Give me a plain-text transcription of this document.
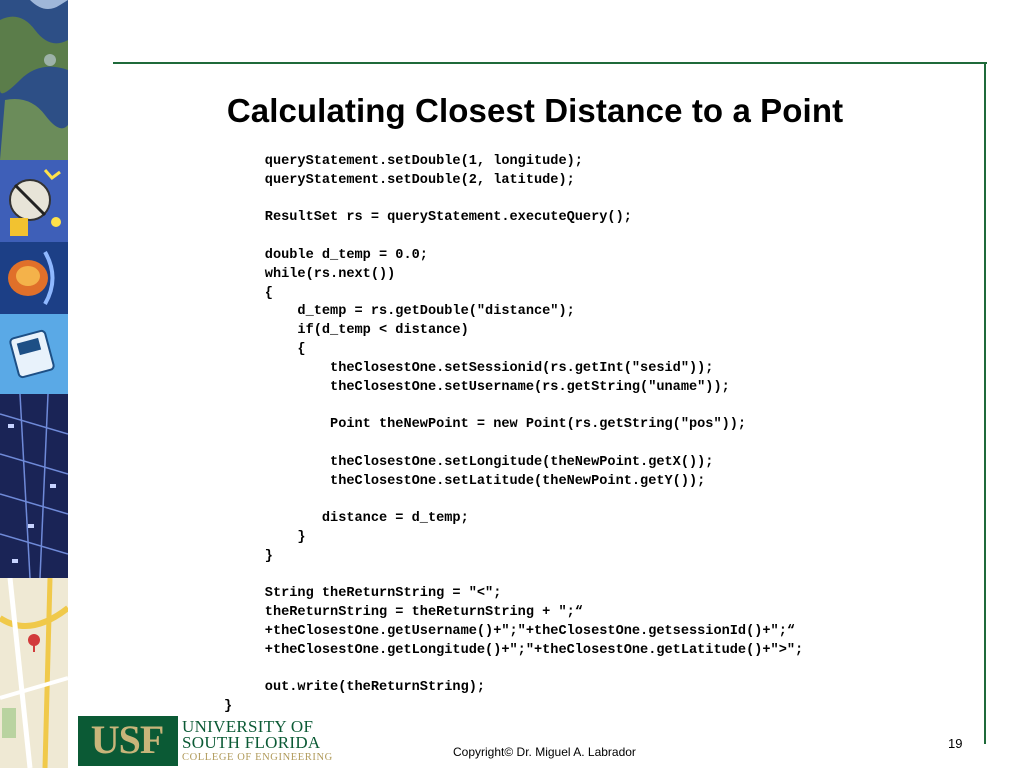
Calculating Closest Distance to a Point
queryStatement.setDouble(1, longitude);
queryStatement.setDouble(2, latitude);
ResultSet rs = queryStatement.executeQuery();
double d_temp = 0.0;
while(rs.next())
{
d_temp = rs.getDouble("distance");
if(d_temp < distance)
{
theClosestOne.setSessionid(rs.getInt("sesid"));
theClosestOne.setUsername(rs.getString("uname"));
Point theNewPoint = new Point(rs.getString("pos"));
theClosestOne.setLongitude(theNewPoint.getX());
theClosestOne.setLatitude(theNewPoint.getY());
distance = d_temp;
}
}
String theReturnString = "<";
theReturnString = theReturnString + ";“
+theClosestOne.getUsername()+";"+theClosestOne.getsessionId()+";“
+theClosestOne.getLongitude()+";"+theClosestOne.getLatitude()+">";
out.write(theReturnString);
}
USF	UNIVERSITY OF
SOUTH FLORIDA
COLLEGE OF ENGINEERING	Copyright© Dr. Miguel A. Labrador
19
